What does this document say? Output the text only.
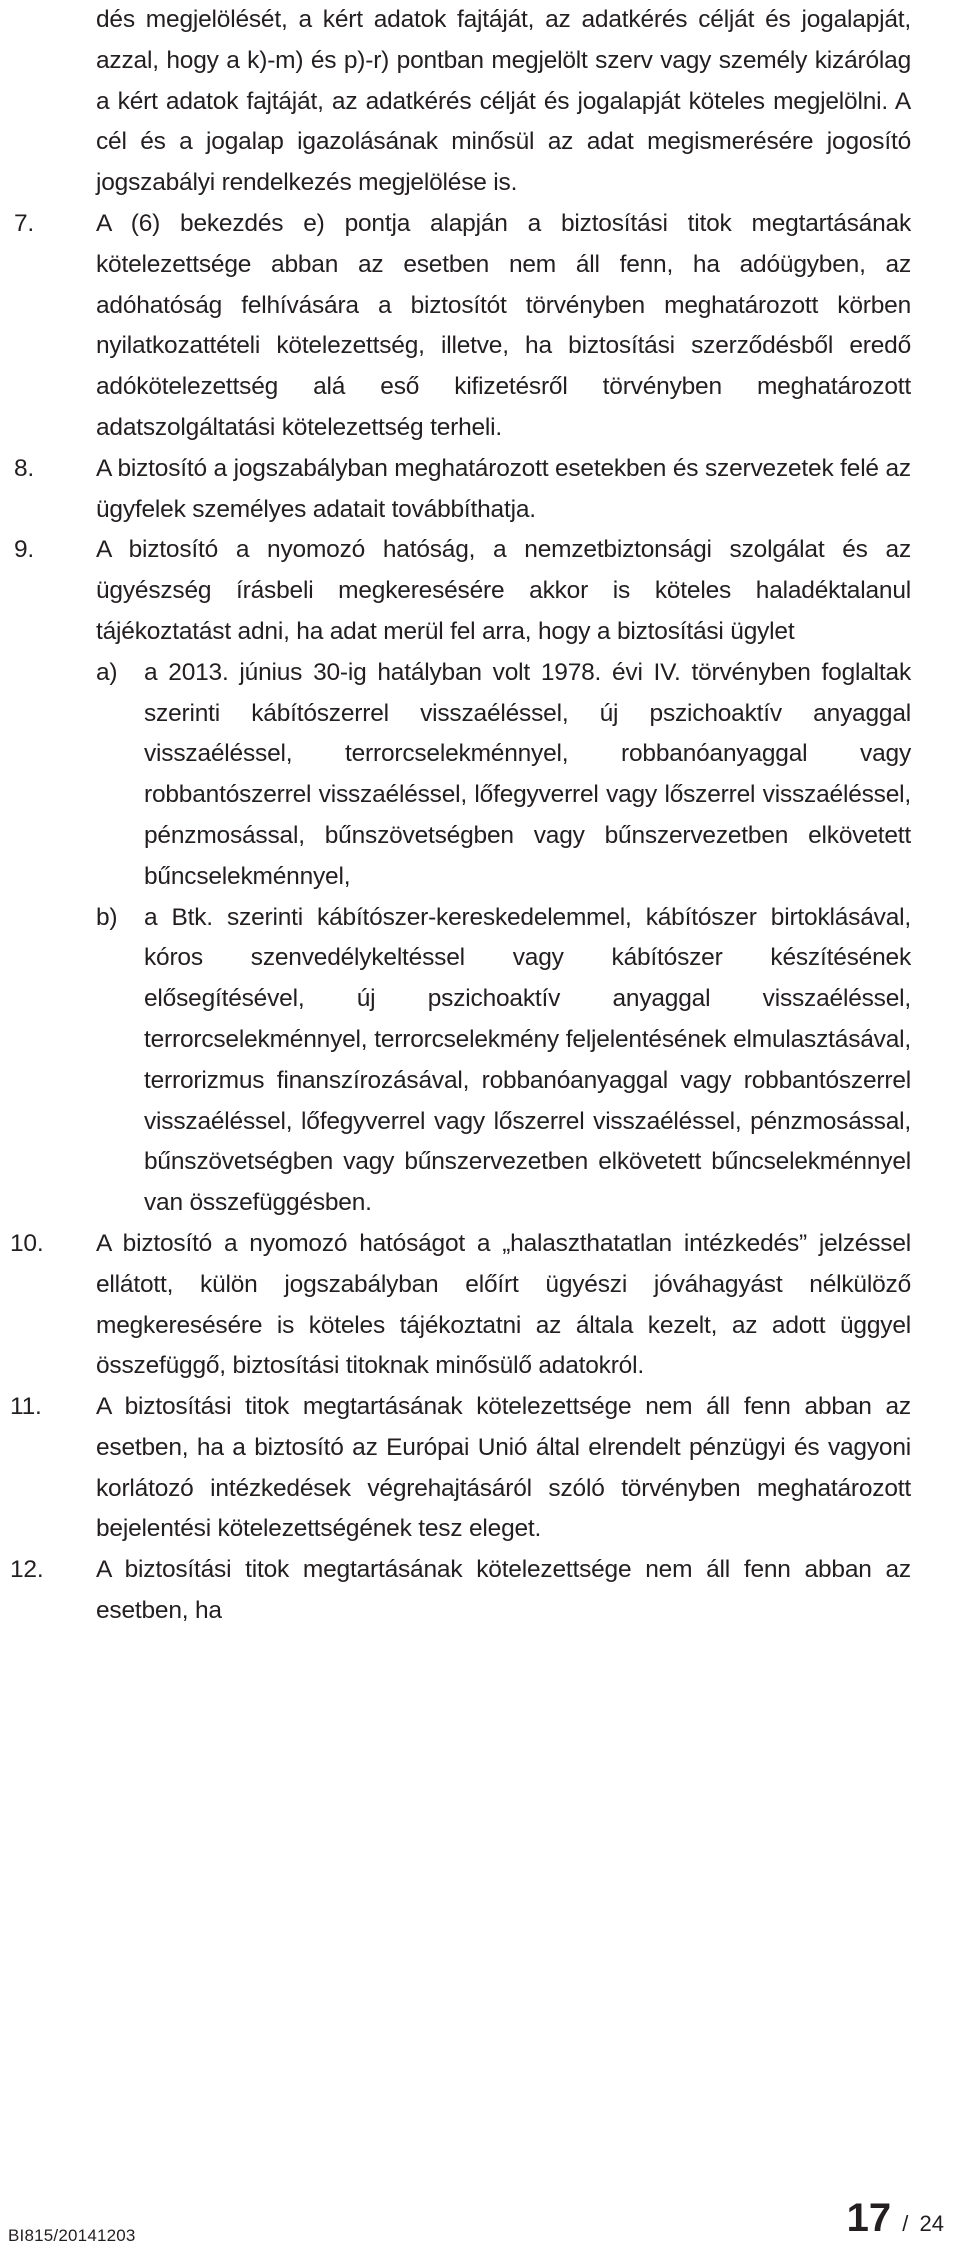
dés megjelölését, a kért adatok fajtáját, az adatkérés célját és jogalapját, azzal, hogy a k)-m) és p)-r) pontban megjelölt szerv vagy személy kizárólag a kért adatok fajtáját, az adatkérés célját és jogalapját köteles megjelölni. A cél és a jogalap igazolásának minősül az adat megismerésére jogosító jogszabályi rendelkezés megjelölése is.

7.	A (6) bekezdés e) pontja alapján a biztosítási titok megtartásának kötelezettsége abban az esetben nem áll fenn, ha adóügyben, az adóhatóság felhívására a biztosítót törvényben meghatározott körben nyilatkozattételi kötelezettség, illetve, ha biztosítási szerződésből eredő adókötelezettség alá eső kifizetésről törvényben meghatározott adatszolgáltatási kötelezettség terheli.

8.	A biztosító a jogszabályban meghatározott esetekben és szervezetek felé az ügyfelek személyes adatait továbbíthatja.

9.	A biztosító a nyomozó hatóság, a nemzetbiztonsági szolgálat és az ügyészség írásbeli megkeresésére akkor is köteles haladéktalanul tájékoztatást adni, ha adat merül fel arra, hogy a biztosítási ügylet

a) a 2013. június 30-ig hatályban volt 1978. évi IV. törvényben foglaltak szerinti kábítószerrel visszaéléssel, új pszichoaktív anyaggal visszaéléssel, terrorcselekménnyel, robbanóanyaggal vagy robbantószerrel visszaéléssel, lőfegyverrel vagy lőszerrel visszaéléssel, pénzmosással, bűnszövetségben vagy bűnszervezetben elkövetett bűncselekménnyel,

b) a Btk. szerinti kábítószer-kereskedelemmel, kábítószer birtoklásával, kóros szenvedélykeltéssel vagy kábítószer készítésének elősegítésével, új pszichoaktív anyaggal visszaéléssel, terrorcselekménnyel, terrorcselekmény feljelentésének elmulasztásával, terrorizmus finanszírozásával, robbanóanyaggal vagy robbantószerrel visszaéléssel, lőfegyverrel vagy lőszerrel visszaéléssel, pénzmosással, bűnszövetségben vagy bűnszervezetben elkövetett bűncselekménnyel van összefüggésben.

10.	A biztosító a nyomozó hatóságot a „halaszthatatlan intézkedés” jelzéssel ellátott, külön jogszabályban előírt ügyészi jóváhagyást nélkülöző megkeresésére is köteles tájékoztatni az általa kezelt, az adott üggyel összefüggő, biztosítási titoknak minősülő adatokról.

11.	A biztosítási titok megtartásának kötelezettsége nem áll fenn abban az esetben, ha a biztosító az Európai Unió által elrendelt pénzügyi és vagyoni korlátozó intézkedések végrehajtásáról szóló törvényben meghatározott bejelentési kötelezettségének tesz eleget.

12.	A biztosítási titok megtartásának kötelezettsége nem áll fenn abban az esetben, ha

BI815/20141203	17 / 24
